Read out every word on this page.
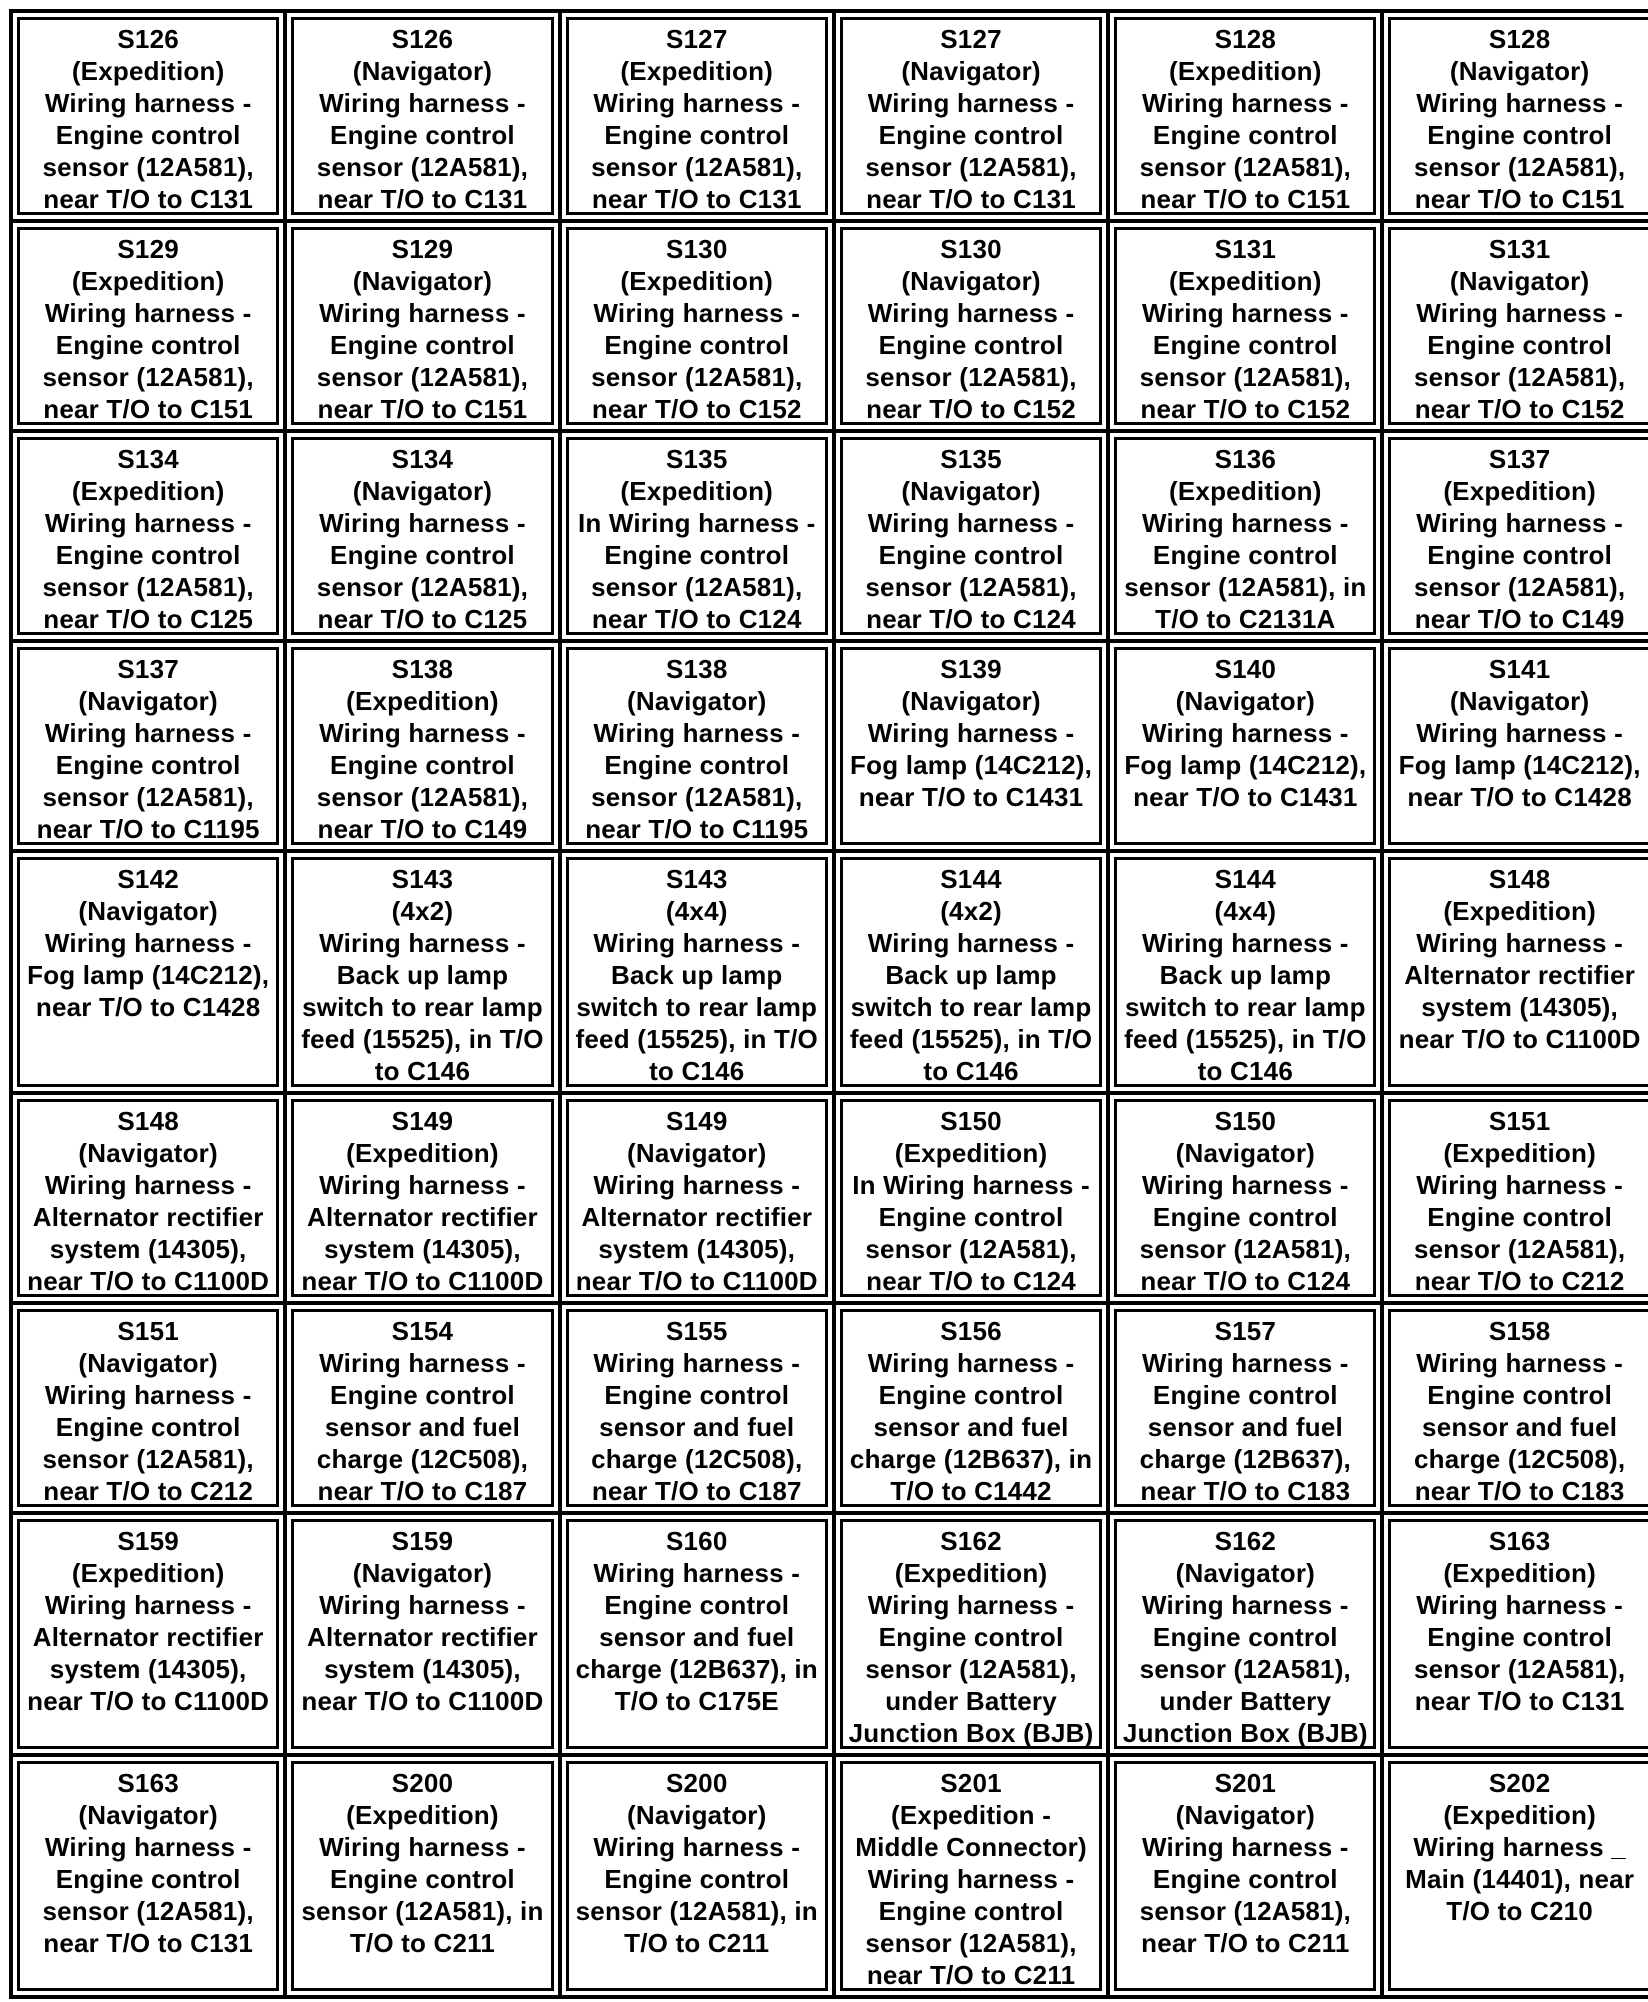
S126
(Expedition)
Wiring harness -
Engine control
sensor (12A581),
near T/O to C131
S126
(Navigator)
Wiring harness -
Engine control
sensor (12A581),
near T/O to C131
S127
(Expedition)
Wiring harness -
Engine control
sensor (12A581),
near T/O to C131
S127
(Navigator)
Wiring harness -
Engine control
sensor (12A581),
near T/O to C131
S128
(Expedition)
Wiring harness -
Engine control
sensor (12A581),
near T/O to C151
S128
(Navigator)
Wiring harness -
Engine control
sensor (12A581),
near T/O to C151
S129
(Expedition)
Wiring harness -
Engine control
sensor (12A581),
near T/O to C151
S129
(Navigator)
Wiring harness -
Engine control
sensor (12A581),
near T/O to C151
S130
(Expedition)
Wiring harness -
Engine control
sensor (12A581),
near T/O to C152
S130
(Navigator)
Wiring harness -
Engine control
sensor (12A581),
near T/O to C152
S131
(Expedition)
Wiring harness -
Engine control
sensor (12A581),
near T/O to C152
S131
(Navigator)
Wiring harness -
Engine control
sensor (12A581),
near T/O to C152
S134
(Expedition)
Wiring harness -
Engine control
sensor (12A581),
near T/O to C125
S134
(Navigator)
Wiring harness -
Engine control
sensor (12A581),
near T/O to C125
S135
(Expedition)
In Wiring harness -
Engine control
sensor (12A581),
near T/O to C124
S135
(Navigator)
Wiring harness -
Engine control
sensor (12A581),
near T/O to C124
S136
(Expedition)
Wiring harness -
Engine control
sensor (12A581), in
T/O to C2131A
S137
(Expedition)
Wiring harness -
Engine control
sensor (12A581),
near T/O to C149
S137
(Navigator)
Wiring harness -
Engine control
sensor (12A581),
near T/O to C1195
S138
(Expedition)
Wiring harness -
Engine control
sensor (12A581),
near T/O to C149
S138
(Navigator)
Wiring harness -
Engine control
sensor (12A581),
near T/O to C1195
S139
(Navigator)
Wiring harness -
Fog lamp (14C212),
near T/O to C1431
S140
(Navigator)
Wiring harness -
Fog lamp (14C212),
near T/O to C1431
S141
(Navigator)
Wiring harness -
Fog lamp (14C212),
near T/O to C1428
S142
(Navigator)
Wiring harness -
Fog lamp (14C212),
near T/O to C1428
S143
(4x2)
Wiring harness -
Back up lamp
switch to rear lamp
feed (15525), in T/O
to C146
S143
(4x4)
Wiring harness -
Back up lamp
switch to rear lamp
feed (15525), in T/O
to C146
S144
(4x2)
Wiring harness -
Back up lamp
switch to rear lamp
feed (15525), in T/O
to C146
S144
(4x4)
Wiring harness -
Back up lamp
switch to rear lamp
feed (15525), in T/O
to C146
S148
(Expedition)
Wiring harness -
Alternator rectifier
system (14305),
near T/O to C1100D
S148
(Navigator)
Wiring harness -
Alternator rectifier
system (14305),
near T/O to C1100D
S149
(Expedition)
Wiring harness -
Alternator rectifier
system (14305),
near T/O to C1100D
S149
(Navigator)
Wiring harness -
Alternator rectifier
system (14305),
near T/O to C1100D
S150
(Expedition)
In Wiring harness -
Engine control
sensor (12A581),
near T/O to C124
S150
(Navigator)
Wiring harness -
Engine control
sensor (12A581),
near T/O to C124
S151
(Expedition)
Wiring harness -
Engine control
sensor (12A581),
near T/O to C212
S151
(Navigator)
Wiring harness -
Engine control
sensor (12A581),
near T/O to C212
S154
Wiring harness -
Engine control
sensor and fuel
charge (12C508),
near T/O to C187
S155
Wiring harness -
Engine control
sensor and fuel
charge (12C508),
near T/O to C187
S156
Wiring harness -
Engine control
sensor and fuel
charge (12B637), in
T/O to C1442
S157
Wiring harness -
Engine control
sensor and fuel
charge (12B637),
near T/O to C183
S158
Wiring harness -
Engine control
sensor and fuel
charge (12C508),
near T/O to C183
S159
(Expedition)
Wiring harness -
Alternator rectifier
system (14305),
near T/O to C1100D
S159
(Navigator)
Wiring harness -
Alternator rectifier
system (14305),
near T/O to C1100D
S160
Wiring harness -
Engine control
sensor and fuel
charge (12B637), in
T/O to C175E
S162
(Expedition)
Wiring harness -
Engine control
sensor (12A581),
under Battery
Junction Box (BJB)
S162
(Navigator)
Wiring harness -
Engine control
sensor (12A581),
under Battery
Junction Box (BJB)
S163
(Expedition)
Wiring harness -
Engine control
sensor (12A581),
near T/O to C131
S163
(Navigator)
Wiring harness -
Engine control
sensor (12A581),
near T/O to C131
S200
(Expedition)
Wiring harness -
Engine control
sensor (12A581), in
T/O to C211
S200
(Navigator)
Wiring harness -
Engine control
sensor (12A581), in
T/O to C211
S201
(Expedition -
Middle Connector)
Wiring harness -
Engine control
sensor (12A581),
near T/O to C211
S201
(Navigator)
Wiring harness -
Engine control
sensor (12A581),
near T/O to C211
S202
(Expedition)
Wiring harness _
Main (14401), near
T/O to C210
